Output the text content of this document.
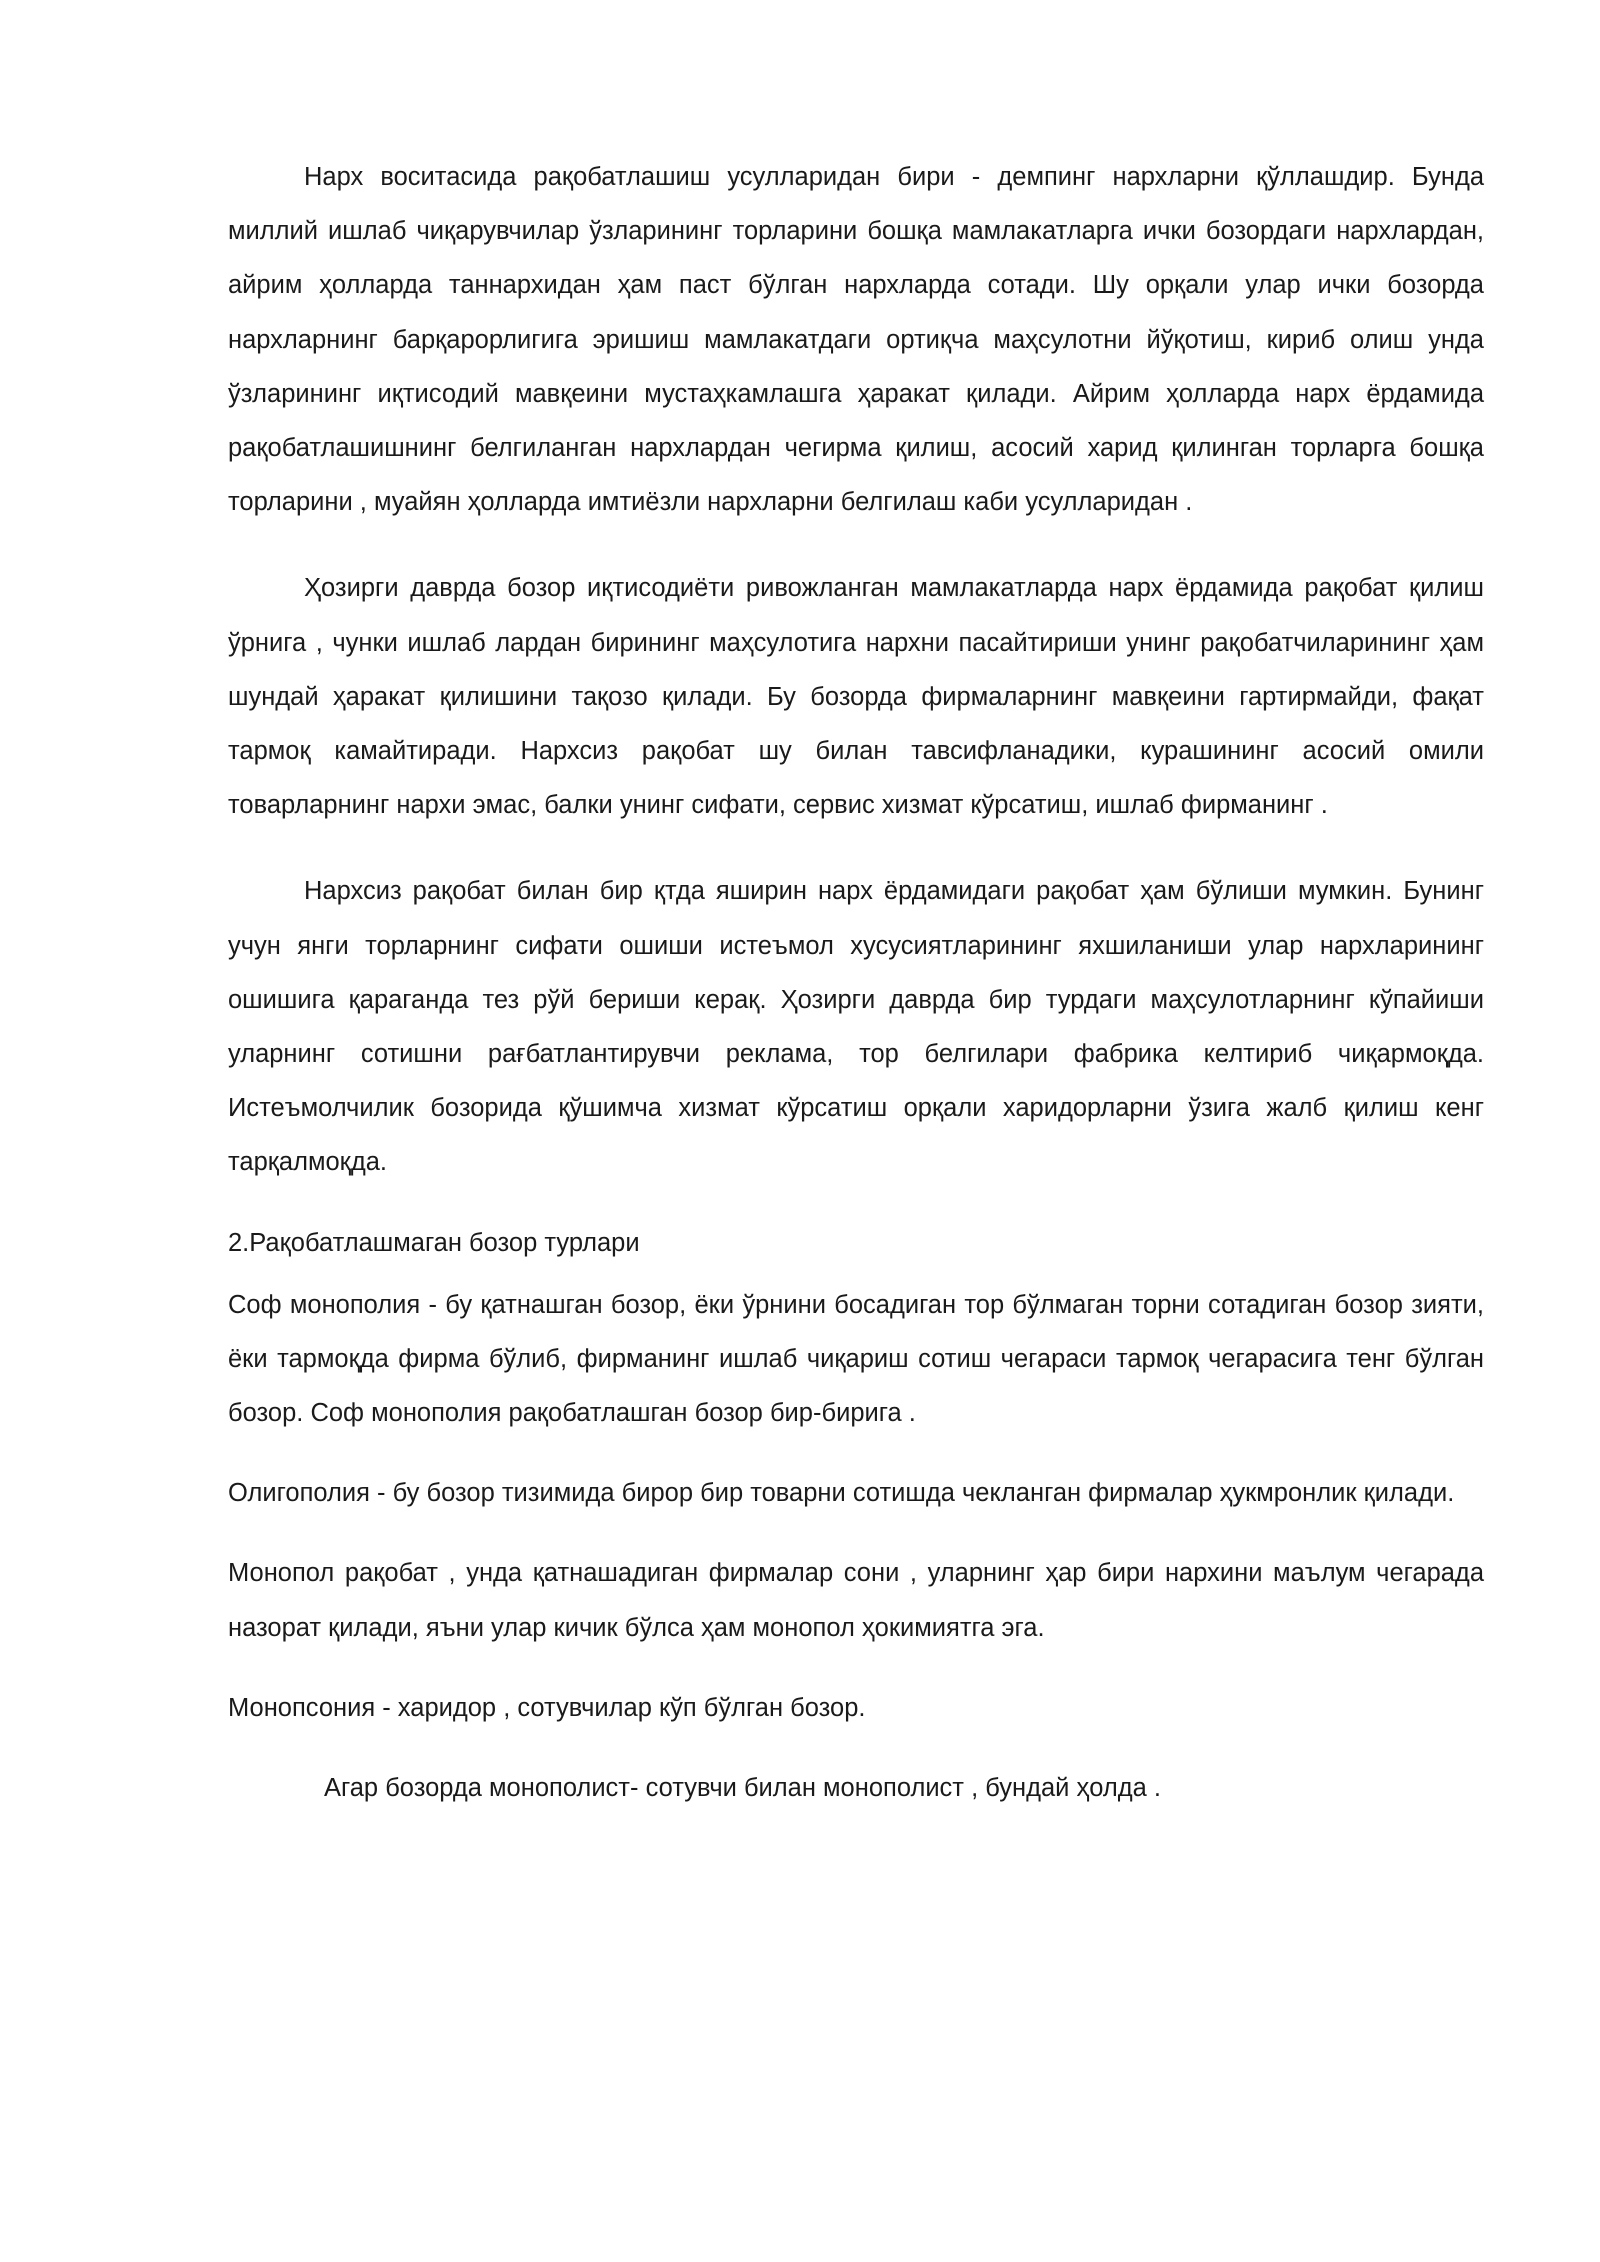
Нарх воситасида рақобатлашиш усулларидан бири - демпинг нархларни қўллашдир. Бунда миллий ишлаб чиқарувчилар ўзларининг торларини бошқа мамлакатларга ички бозордаги нархлардан, айрим ҳолларда таннархидан ҳам паст бўлган нархларда сотади. Шу орқали улар ички бозорда нархларнинг барқарорлигига эришиш мамлакатдаги ортиқча маҳсулотни йўқотиш, кириб олиш унда ўзларининг иқтисодий мавқеини мустаҳкамлашга ҳаракат қилади. Айрим ҳолларда нарх ёрдамида рақобатлашишнинг белгиланган нархлардан чегирма қилиш, асосий харид қилинган торларга бошқа торларини , муайян ҳолларда имтиёзли нархларни белгилаш каби усулларидан .

Ҳозирги даврда бозор иқтисодиёти ривожланган мамлакатларда нарх ёрдамида рақобат қилиш ўрнига , чунки ишлаб лардан бирининг маҳсулотига нархни пасайтириши унинг рақобатчиларининг ҳам шундай ҳаракат қилишини тақозо қилади. Бу бозорда фирмаларнинг мавқеини гартирмайди, фақат тармоқ камайтиради. Нархсиз рақобат шу билан тавсифланадики, курашининг асосий омили товарларнинг нархи эмас, балки унинг сифати, сервис хизмат кўрсатиш, ишлаб фирманинг .

Нархсиз рақобат билан бир қтда яширин нарх ёрдамидаги рақобат ҳам бўлиши мумкин. Бунинг учун янги торларнинг сифати ошиши истеъмол хусусиятларининг яхшиланиши улар нархларининг ошишига қараганда тез рўй бериши керақ. Ҳозирги даврда бир турдаги маҳсулотларнинг кўпайиши уларнинг сотишни рағбатлантирувчи реклама, тор белгилари фабрика келтириб чиқармоқда. Истеъмолчилик бозорида қўшимча хизмат кўрсатиш орқали харидорларни ўзига жалб қилиш кенг тарқалмоқда.

2.Рақобатлашмаган бозор турлари

Соф монополия - бу қатнашган бозор, ёки ўрнини босадиган тор бўлмаган торни сотадиган бозор зияти, ёки тармоқда фирма бўлиб, фирманинг ишлаб чиқариш сотиш чегараси тармоқ чегарасига тенг бўлган бозор. Соф монополия рақобатлашган бозор бир-бирига .

Олигополия - бу бозор тизимида бирор бир товарни сотишда чекланган фирмалар ҳукмронлик қилади.

Монопол рақобат , унда қатнашадиган фирмалар сони , уларнинг ҳар бири нархини маълум чегарада назорат қилади, яъни улар кичик бўлса ҳам монопол ҳокимиятга эга.

Монопсония - харидор , сотувчилар кўп бўлган бозор.

Агар бозорда монополист- сотувчи билан монополист , бундай ҳолда .
